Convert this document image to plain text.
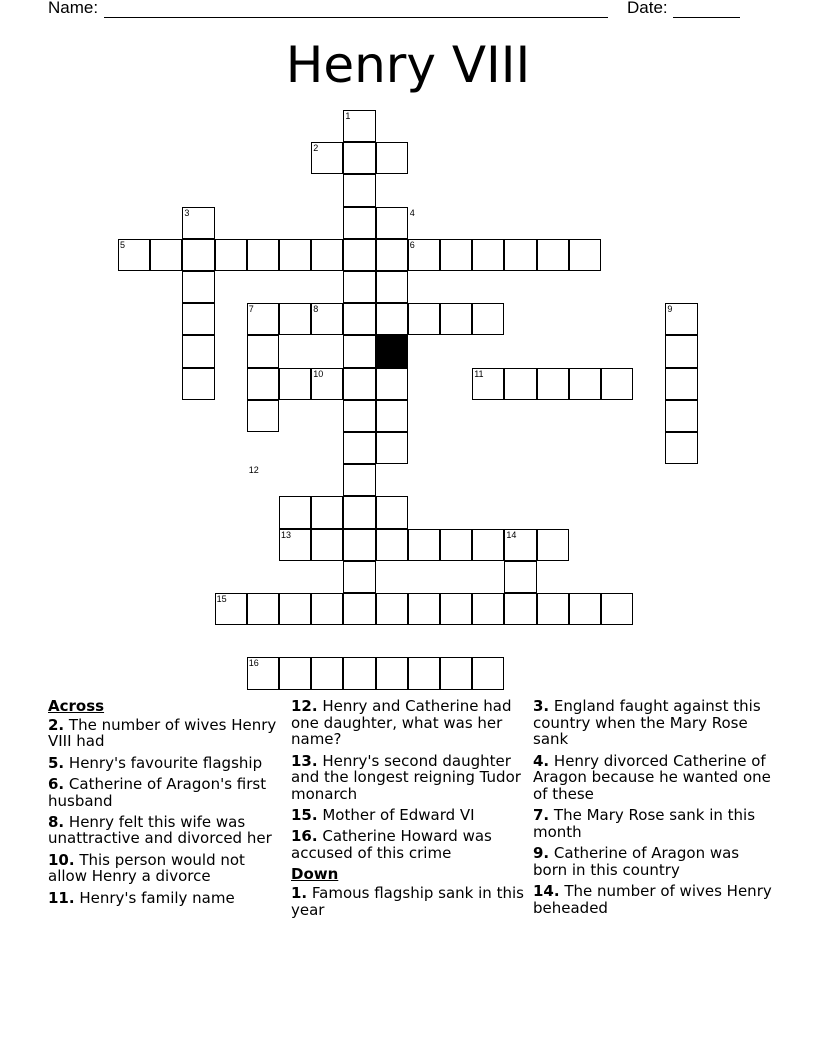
Name:	Date:
Henry VIII
1
2
3	4
5	6
7	8	9
10	11
12
13	14
15
16
Across
2. The number of wives Henry VIII had
5. Henry's favourite flagship
6. Catherine of Aragon's first husband
8. Henry felt this wife was unattractive and divorced her
10. This person would not allow Henry a divorce
11. Henry's family name
12. Henry and Catherine had one daughter, what was her name?
13. Henry's second daughter and the longest reigning Tudor monarch
15. Mother of Edward VI
16. Catherine Howard was accused of this crime
Down
1. Famous flagship sank in this year
3. England faught against this country when the Mary Rose sank
4. Henry divorced Catherine of Aragon because he wanted one of these
7. The Mary Rose sank in this month
9. Catherine of Aragon was born in this country
14. The number of wives Henry beheaded
